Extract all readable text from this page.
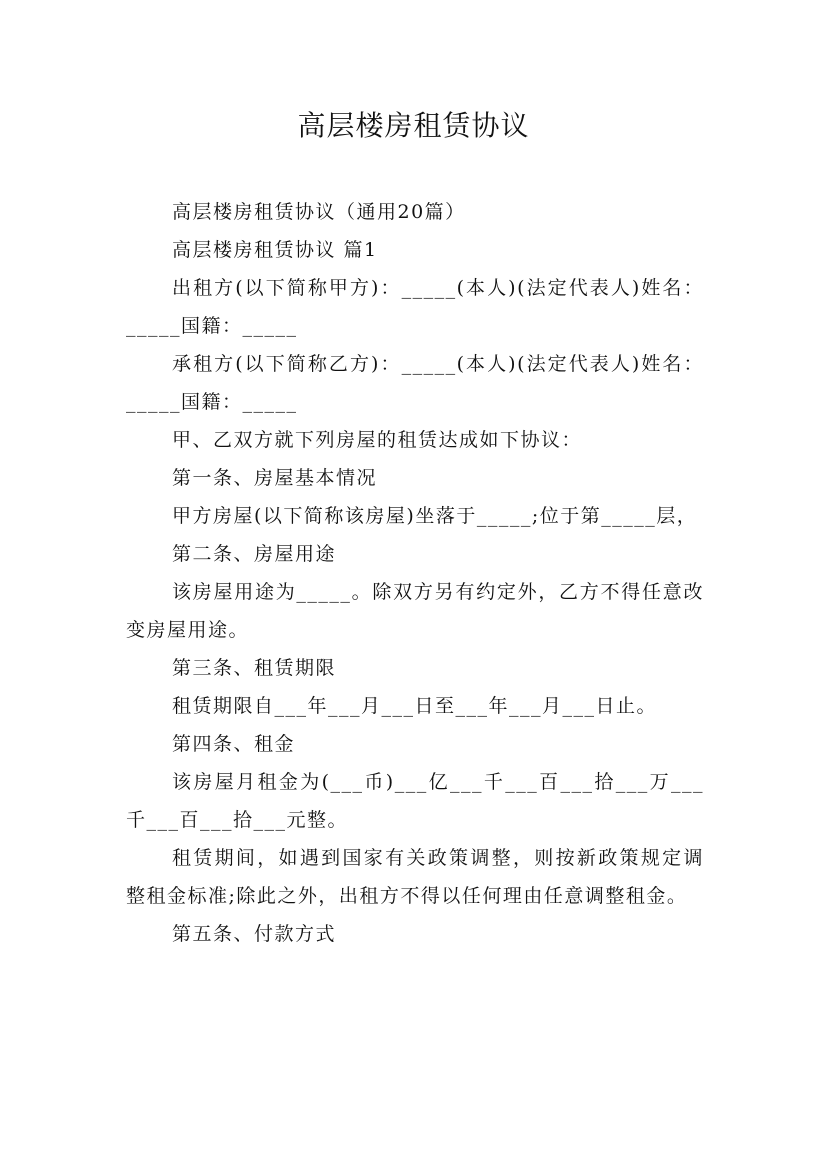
高层楼房租赁协议

高层楼房租赁协议（通用20篇）

高层楼房租赁协议 篇1

出租方(以下简称甲方)：_____(本人)(法定代表人)姓名：_____国籍：_____

承租方(以下简称乙方)：_____(本人)(法定代表人)姓名：_____国籍：_____

甲、乙双方就下列房屋的租赁达成如下协议：

第一条、房屋基本情况

甲方房屋(以下简称该房屋)坐落于_____;位于第_____层，

第二条、房屋用途

该房屋用途为_____。除双方另有约定外，乙方不得任意改变房屋用途。

第三条、租赁期限

租赁期限自___年___月___日至___年___月___日止。

第四条、租金

该房屋月租金为(___币)___亿___千___百___拾___万___千___百___拾___元整。

租赁期间，如遇到国家有关政策调整，则按新政策规定调整租金标准;除此之外，出租方不得以任何理由任意调整租金。

第五条、付款方式
